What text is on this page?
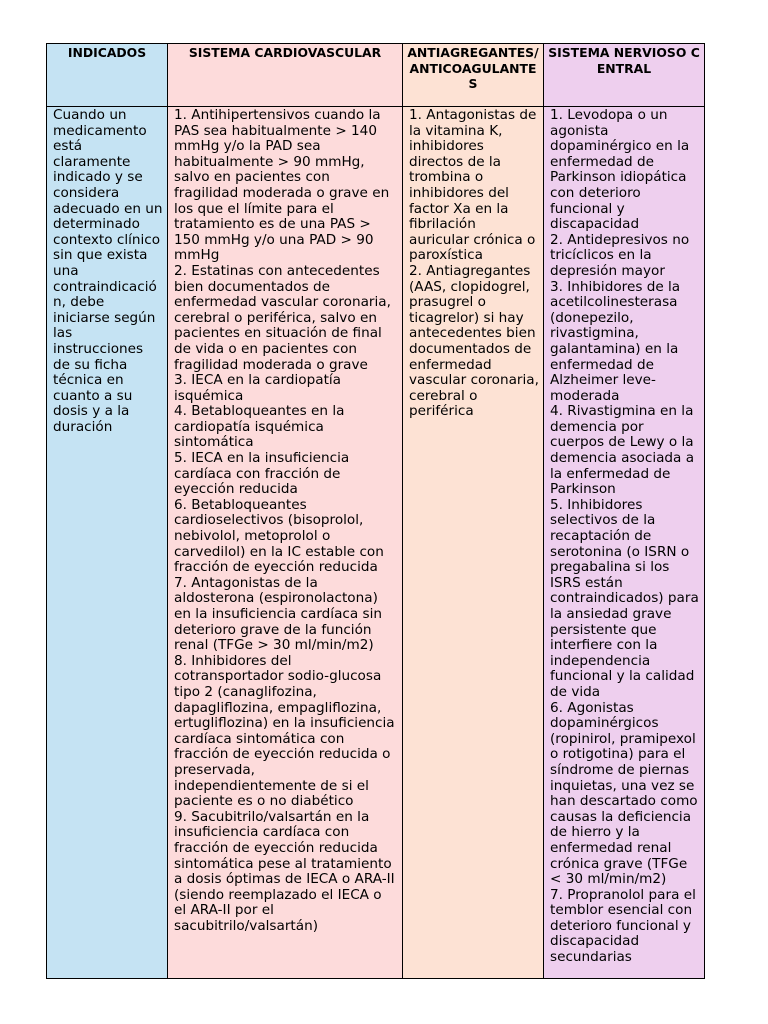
INDICADOS	SISTEMA CARDIOVASCULAR	ANTIAGREGANTES/ ANTICOAGULANTES
SISTEMA NERVIOSO CENTRAL
Cuando un medicamento está claramente indicado y se considera adecuado en un determinado contexto clínico sin que exista una contraindicación, debe iniciarse según las instrucciones de su ficha técnica en cuanto a su dosis y a la duración
1. Antihipertensivos cuando la PAS sea habitualmente > 140 mmHg y/o la PAD sea habitualmente > 90 mmHg, salvo en pacientes con fragilidad moderada o grave en los que el límite para el tratamiento es de una PAS > 150 mmHg y/o una PAD > 90 mmHg
2. Estatinas con antecedentes bien documentados de enfermedad vascular coronaria, cerebral o periférica, salvo en pacientes en situación de final de vida o en pacientes con fragilidad moderada o grave
3. IECA en la cardiopatía isquémica
4. Betabloqueantes en la cardiopatía isquémica sintomática
5. IECA en la insuficiencia cardíaca con fracción de eyección reducida
6. Betabloqueantes cardioselectivos (bisoprolol, nebivolol, metoprolol o carvedilol) en la IC estable con fracción de eyección reducida
7. Antagonistas de la aldosterona (espironolactona) en la insuficiencia cardíaca sin deterioro grave de la función renal (TFGe > 30 ml/min/m2)
8. Inhibidores del cotransportador sodio-glucosa tipo 2 (canaglifozina, dapagliflozina, empagliflozina, ertugliflozina) en la insuficiencia cardíaca sintomática con fracción de eyección reducida o preservada, independientemente de si el paciente es o no diabético
9. Sacubitrilo/valsartán en la insuficiencia cardíaca con fracción de eyección reducida sintomática pese al tratamiento a dosis óptimas de IECA o ARA-II (siendo reemplazado el IECA o el ARA-II por el sacubitrilo/valsartán)
1. Antagonistas de la vitamina K, inhibidores directos de la trombina o inhibidores del factor Xa en la fibrilación auricular crónica o paroxística
2. Antiagregantes (AAS, clopidogrel, prasugrel o ticagrelor) si hay antecedentes bien documentados de enfermedad vascular coronaria, cerebral o periférica
1. Levodopa o un agonista dopaminérgico en la enfermedad de Parkinson idiopática con deterioro funcional y discapacidad
2. Antidepresivos no tricíclicos en la depresión mayor
3. Inhibidores de la acetilcolinesterasa (donepezilo, rivastigmina, galantamina) en la enfermedad de Alzheimer leve-moderada
4. Rivastigmina en la demencia por cuerpos de Lewy o la demencia asociada a la enfermedad de Parkinson
5. Inhibidores selectivos de la recaptación de serotonina (o ISRN o pregabalina si los ISRS están contraindicados) para la ansiedad grave persistente que interfiere con la independencia funcional y la calidad de vida
6. Agonistas dopaminérgicos (ropinirol, pramipexol o rotigotina) para el síndrome de piernas inquietas, una vez se han descartado como causas la deficiencia de hierro y la enfermedad renal crónica grave (TFGe < 30 ml/min/m2)
7. Propranolol para el temblor esencial con deterioro funcional y discapacidad secundarias
